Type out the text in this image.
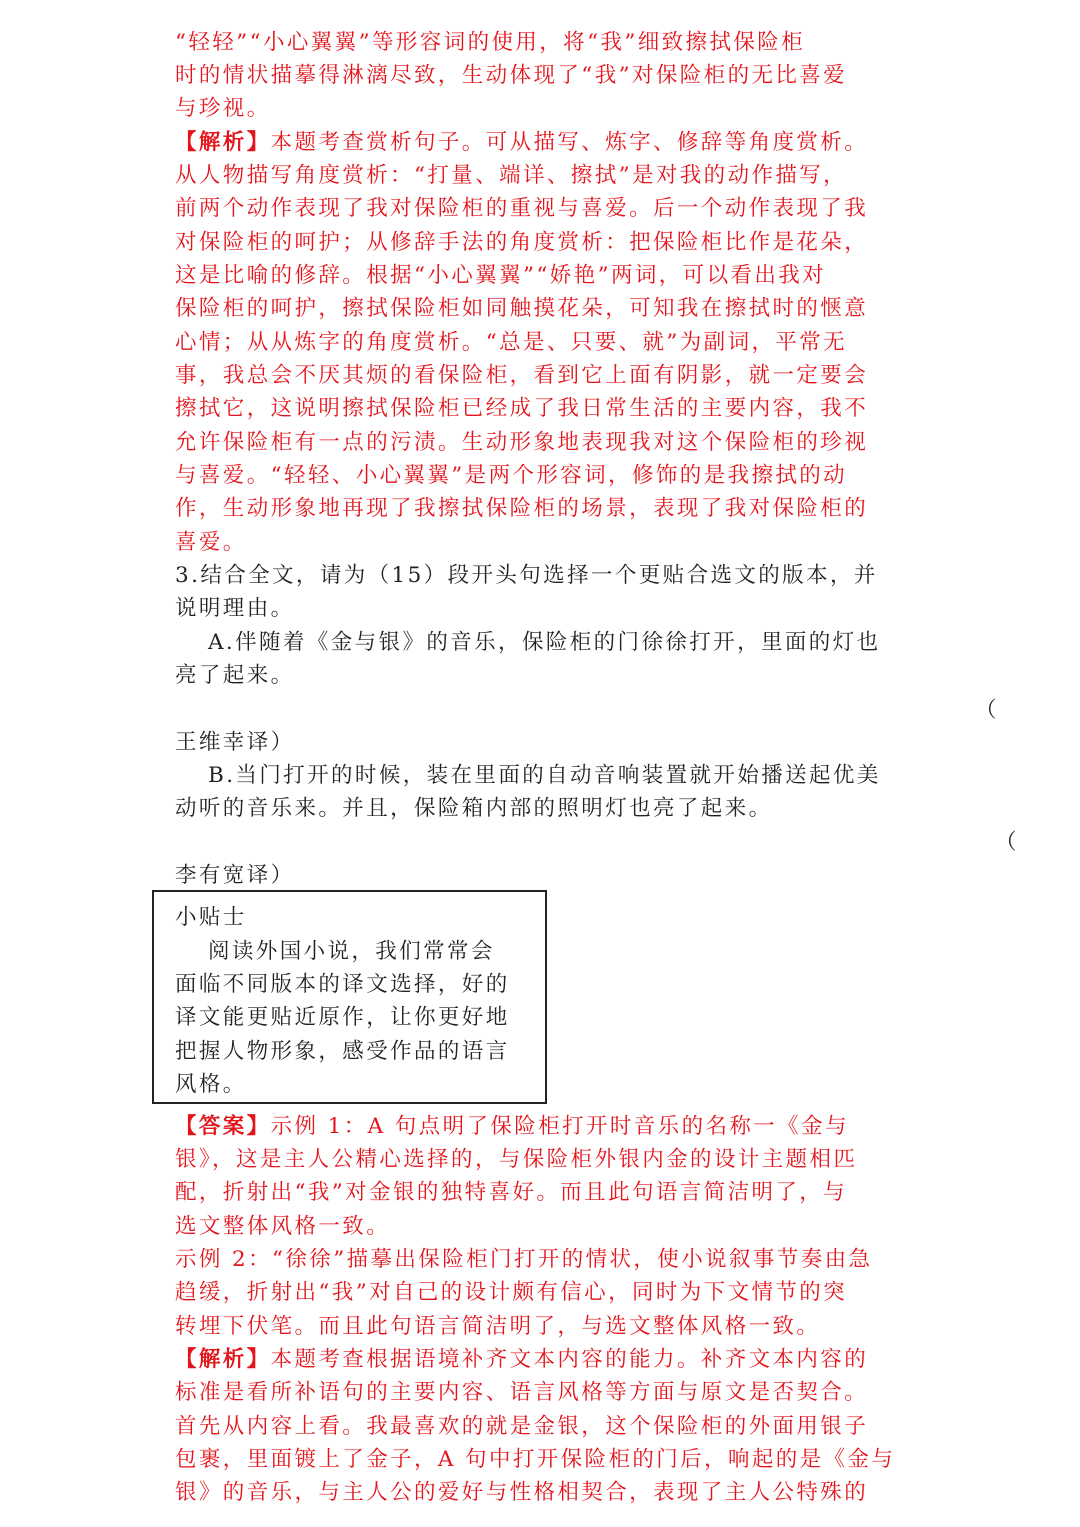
“轻轻”“小心翼翼”等形容词的使用，将“我”细致擦拭保险柜

时的情状描摹得淋漓尽致，生动体现了“我”对保险柜的无比喜爱

与珍视。

【解析】本题考查赏析句子。可从描写、炼字、修辞等角度赏析。

从人物描写角度赏析：“打量、端详、擦拭”是对我的动作描写，

前两个动作表现了我对保险柜的重视与喜爱。后一个动作表现了我

对保险柜的呵护；从修辞手法的角度赏析：把保险柜比作是花朵，

这是比喻的修辞。根据“小心翼翼”“娇艳”两词，可以看出我对

保险柜的呵护，擦拭保险柜如同触摸花朵，可知我在擦拭时的惬意

心情；从从炼字的角度赏析。“总是、只要、就”为副词，平常无

事，我总会不厌其烦的看保险柜，看到它上面有阴影，就一定要会

擦拭它，这说明擦拭保险柜已经成了我日常生活的主要内容，我不

允许保险柜有一点的污渍。生动形象地表现我对这个保险柜的珍视

与喜爱。“轻轻、小心翼翼”是两个形容词，修饰的是我擦拭的动

作，生动形象地再现了我擦拭保险柜的场景，表现了我对保险柜的

喜爱。

3.结合全文，请为（15）段开头句选择一个更贴合选文的版本，并

说明理由。

A.伴随着《金与银》的音乐，保险柜的门徐徐打开，里面的灯也

亮了起来。

（

王维幸译）

B.当门打开的时候，装在里面的自动音响装置就开始播送起优美

动听的音乐来。并且，保险箱内部的照明灯也亮了起来。

（

李有宽译）

小贴士

阅读外国小说，我们常常会

面临不同版本的译文选择，好的

译文能更贴近原作，让你更好地

把握人物形象，感受作品的语言

风格。

【答案】示例 1：A 句点明了保险柜打开时音乐的名称一《金与

银》，这是主人公精心选择的，与保险柜外银内金的设计主题相匹

配，折射出“我”对金银的独特喜好。而且此句语言简洁明了，与

选文整体风格一致。

示例 2：“徐徐”描摹出保险柜门打开的情状，使小说叙事节奏由急

趋缓，折射出“我”对自己的设计颇有信心，同时为下文情节的突

转埋下伏笔。而且此句语言简洁明了，与选文整体风格一致。

【解析】本题考查根据语境补齐文本内容的能力。补齐文本内容的

标准是看所补语句的主要内容、语言风格等方面与原文是否契合。

首先从内容上看。我最喜欢的就是金银，这个保险柜的外面用银子

包裹，里面镀上了金子，A 句中打开保险柜的门后，响起的是《金与

银》的音乐，与主人公的爱好与性格相契合，表现了主人公特殊的
